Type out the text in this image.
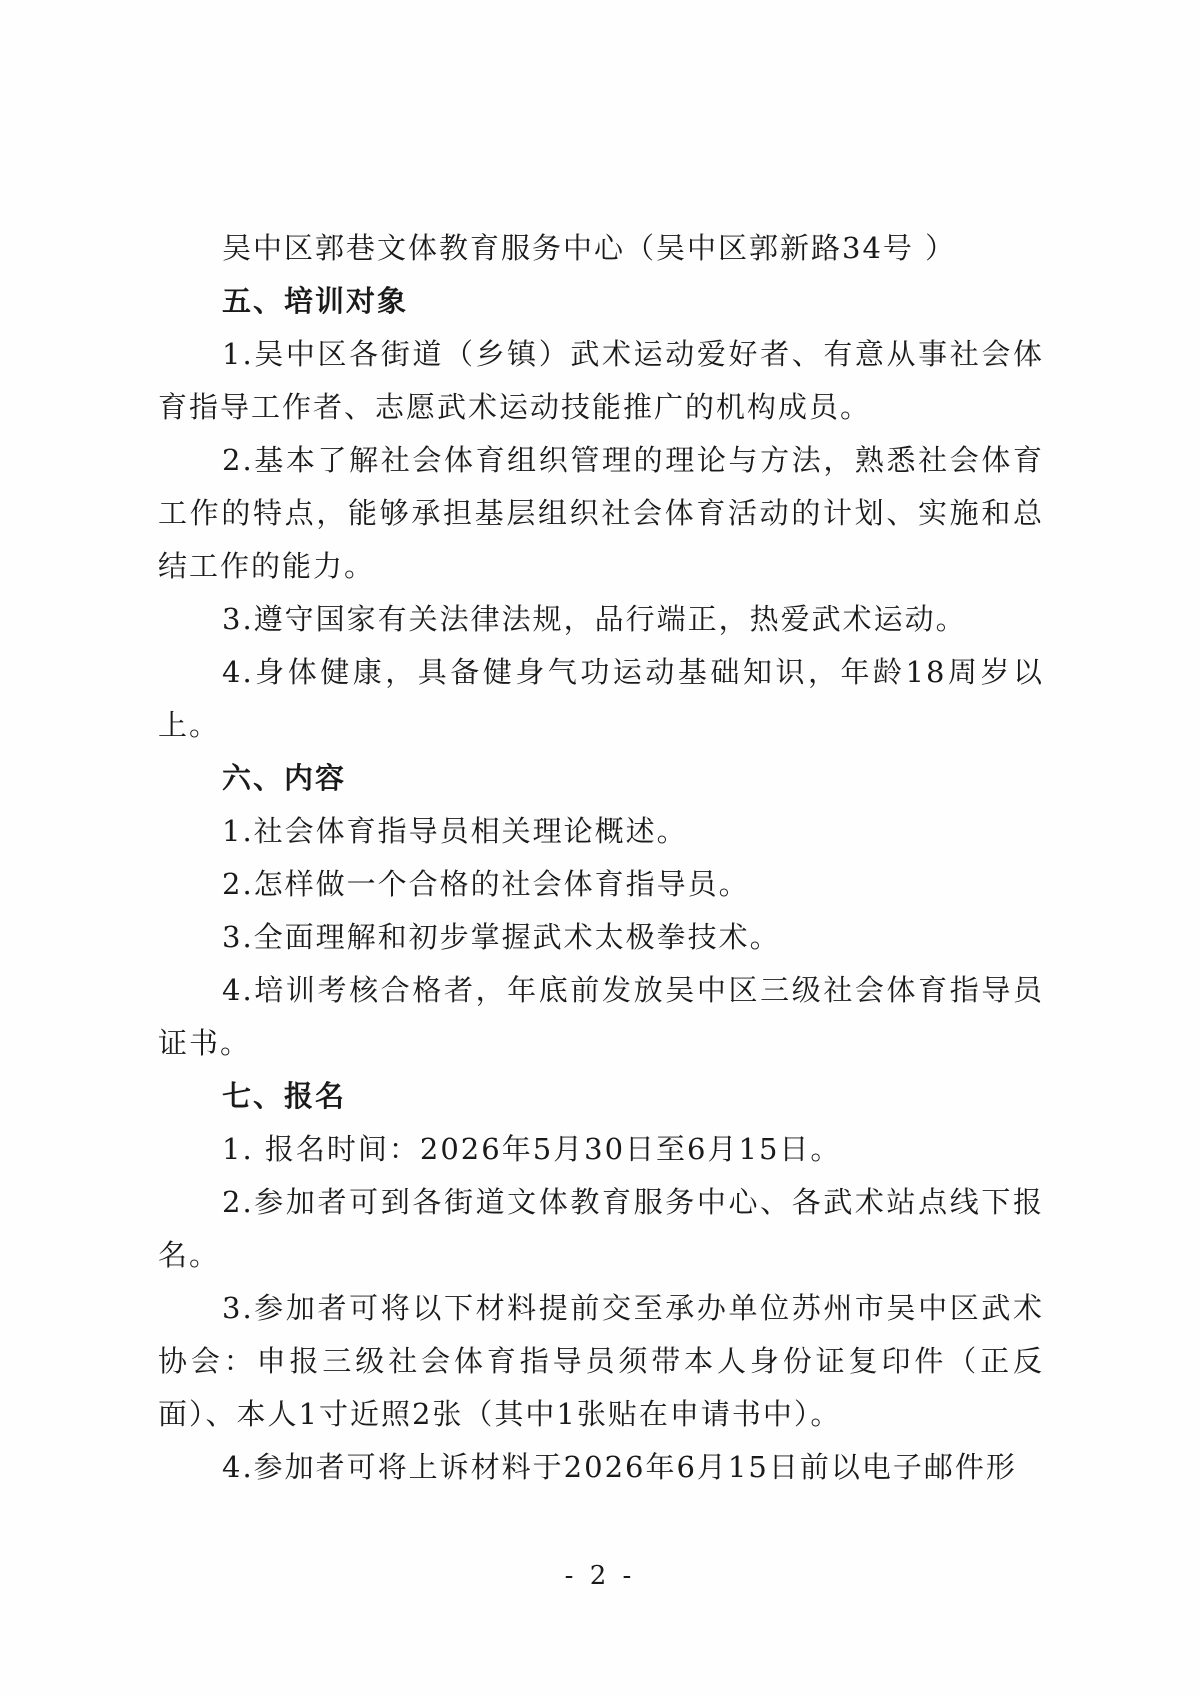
吴中区郭巷文体教育服务中心（吴中区郭新路34号 ）

五、培训对象

1.吴中区各街道（乡镇）武术运动爱好者、有意从事社会体育指导工作者、志愿武术运动技能推广的机构成员。

2.基本了解社会体育组织管理的理论与方法，熟悉社会体育工作的特点，能够承担基层组织社会体育活动的计划、实施和总结工作的能力。

3.遵守国家有关法律法规，品行端正，热爱武术运动。

4.身体健康，具备健身气功运动基础知识，年龄18周岁以上。

六、内容

1.社会体育指导员相关理论概述。

2.怎样做一个合格的社会体育指导员。

3.全面理解和初步掌握武术太极拳技术。

4.培训考核合格者，年底前发放吴中区三级社会体育指导员证书。

七、报名

1. 报名时间：2026年5月30日至6月15日。

2.参加者可到各街道文体教育服务中心、各武术站点线下报名。

3.参加者可将以下材料提前交至承办单位苏州市吴中区武术协会：申报三级社会体育指导员须带本人身份证复印件（正反面）、本人1寸近照2张（其中1张贴在申请书中）。

4.参加者可将上诉材料于2026年6月15日前以电子邮件形

- 2 -
